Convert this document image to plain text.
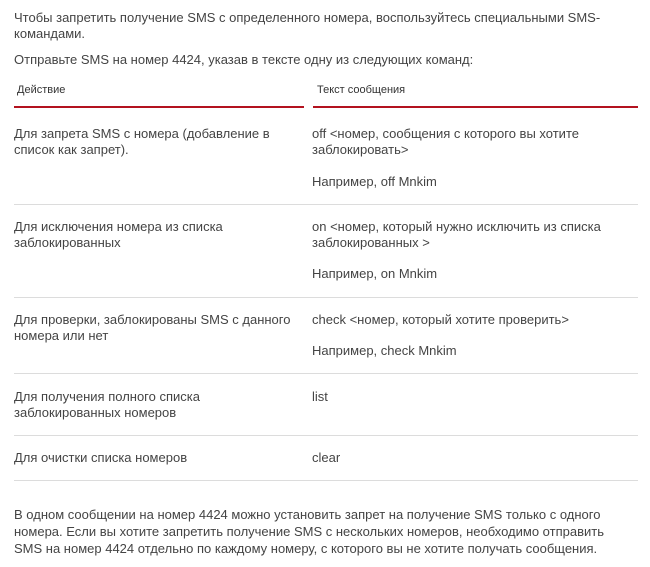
Чтобы запретить получение SMS с определенного номера, воспользуйтесь специальными SMS-командами.
Отправьте SMS на номер 4424, указав в тексте одну из следующих команд:
Действие	Текст сообщения
Для запрета SMS с номера (добавление в список как запрет).
off <номер, сообщения с которого вы хотите заблокировать>
Например, off Mnkim
Для исключения номера из списка заблокированных
on <номер, который нужно исключить из списка заблокированных >
Например, on Mnkim
Для проверки, заблокированы SMS с данного номера или нет
check <номер, который хотите проверить>
Например, check Mnkim
Для получения полного списка заблокированных номеров
list
Для очистки списка номеров	clear
В одном сообщении на номер 4424 можно установить запрет на получение SMS только с одного номера. Если вы хотите запретить получение SMS с нескольких номеров, необходимо отправить SMS на номер 4424 отдельно по каждому номеру, с которого вы не хотите получать сообщения.
